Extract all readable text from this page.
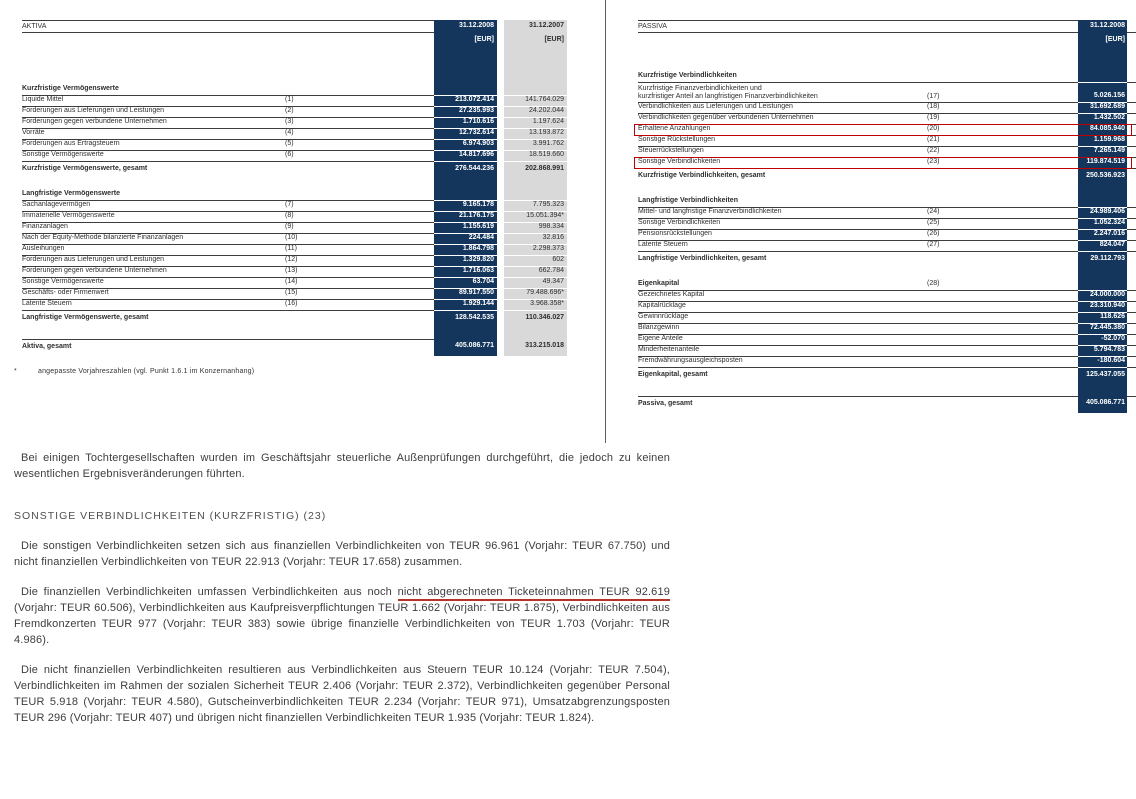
AKTIVA	31.12.2008	31.12.2007
[EUR]	[EUR]
Kurzfristige Vermögenswerte
Liquide Mittel	(1)	213.072.414	141.764.029
Forderungen aus Lieferungen und Leistungen	(2)	27.235.993	24.202.044
Forderungen gegen verbundene Unternehmen	(3)	1.710.616	1.197.624
Vorräte	(4)	12.732.614	13.193.872
Forderungen aus Ertragsteuern	(5)	6.974.903	3.991.762
Sonstige Vermögenswerte	(6)	14.817.696	18.519.660
Kurzfristige Vermögenswerte, gesamt	276.544.236	202.868.991
Langfristige Vermögenswerte
Sachanlagevermögen	(7)	9.165.178	7.795.323
Immaterielle Vermögenswerte	(8)	21.176.175	15.051.394*
Finanzanlagen	(9)	1.155.619	998.334
Nach der Equity-Methode bilanzierte Finanzanlagen	(10)	224.484	32.816
Ausleihungen	(11)	1.864.798	2.298.373
Forderungen aus Lieferungen und Leistungen	(12)	1.329.820	602
Forderungen gegen verbundene Unternehmen	(13)	1.716.063	662.784
Sonstige Vermögenswerte	(14)	63.704	49.347
Geschäfts- oder Firmenwert	(15)	89.917.550	79.488.696*
Latente Steuern	(16)	1.929.144	3.968.358*
Langfristige Vermögenswerte, gesamt	128.542.535	110.346.027
Aktiva, gesamt	405.086.771	313.215.018
PASSIVA	31.12.2008
[EUR]
Kurzfristige Verbindlichkeiten
Kurzfristige Finanzverbindlichkeiten und
kurzfristiger Anteil an langfristigen Finanzverbindlichkeiten	(17)	5.026.156
Verbindlichkeiten aus Lieferungen und Leistungen	(18)	31.692.689
Verbindlichkeiten gegenüber verbundenen Unternehmen	(19)	1.432.502
Erhaltene Anzahlungen	(20)	84.085.940
Sonstige Rückstellungen	(21)	1.159.968
Steuerrückstellungen	(22)	7.265.149
Sonstige Verbindlichkeiten	(23)	119.874.519
Kurzfristige Verbindlichkeiten, gesamt	250.536.923
Langfristige Verbindlichkeiten
Mittel- und langfristige Finanzverbindlichkeiten	(24)	24.989.406
Sonstige Verbindlichkeiten	(25)	1.052.324
Pensionsrückstellungen	(26)	2.247.016
Latente Steuern	(27)	824.047
Langfristige Verbindlichkeiten, gesamt	29.112.793
Eigenkapital	(28)
Gezeichnetes Kapital	24.000.000
Kapitalrücklage	23.310.940
Gewinnrücklage	118.626
Bilanzgewinn	72.445.380
Eigene Anteile	-52.070
Minderheitenanteile	5.794.783
Fremdwährungsausgleichsposten	-180.604
Eigenkapital, gesamt	125.437.055
Passiva, gesamt	405.086.771
*	angepasste Vorjahreszahlen (vgl. Punkt 1.6.1 im Konzernanhang)

Bei einigen Tochtergesellschaften wurden im Geschäftsjahr steuerliche Außenprüfungen durchgeführt, die jedoch zu keinen wesentlichen Ergebnisveränderungen führten.

SONSTIGE VERBINDLICHKEITEN (KURZFRISTIG) (23)

Die sonstigen Verbindlichkeiten setzen sich aus finanziellen Verbindlichkeiten von TEUR 96.961 (Vorjahr: TEUR 67.750) und nicht finanziellen Verbindlichkeiten von TEUR 22.913 (Vorjahr: TEUR 17.658) zusammen.

Die finanziellen Verbindlichkeiten umfassen Verbindlichkeiten aus noch nicht abgerechneten Ticketeinnahmen TEUR 92.619 (Vorjahr: TEUR 60.506), Verbindlichkeiten aus Kaufpreisverpflichtungen TEUR 1.662 (Vorjahr: TEUR 1.875), Verbindlichkeiten aus Fremdkonzerten TEUR 977 (Vorjahr: TEUR 383) sowie übrige finanzielle Verbindlichkeiten von TEUR 1.703 (Vorjahr: TEUR 4.986).

Die nicht finanziellen Verbindlichkeiten resultieren aus Verbindlichkeiten aus Steuern TEUR 10.124 (Vorjahr: TEUR 7.504), Verbindlichkeiten im Rahmen der sozialen Sicherheit TEUR 2.406 (Vorjahr: TEUR 2.372), Verbindlichkeiten gegenüber Personal TEUR 5.918 (Vorjahr: TEUR 4.580), Gutscheinverbindlichkeiten TEUR 2.234 (Vorjahr: TEUR 971), Umsatzabgrenzungsposten TEUR 296 (Vorjahr: TEUR 407) und übrigen nicht finanziellen Verbindlichkeiten TEUR 1.935 (Vorjahr: TEUR 1.824).
